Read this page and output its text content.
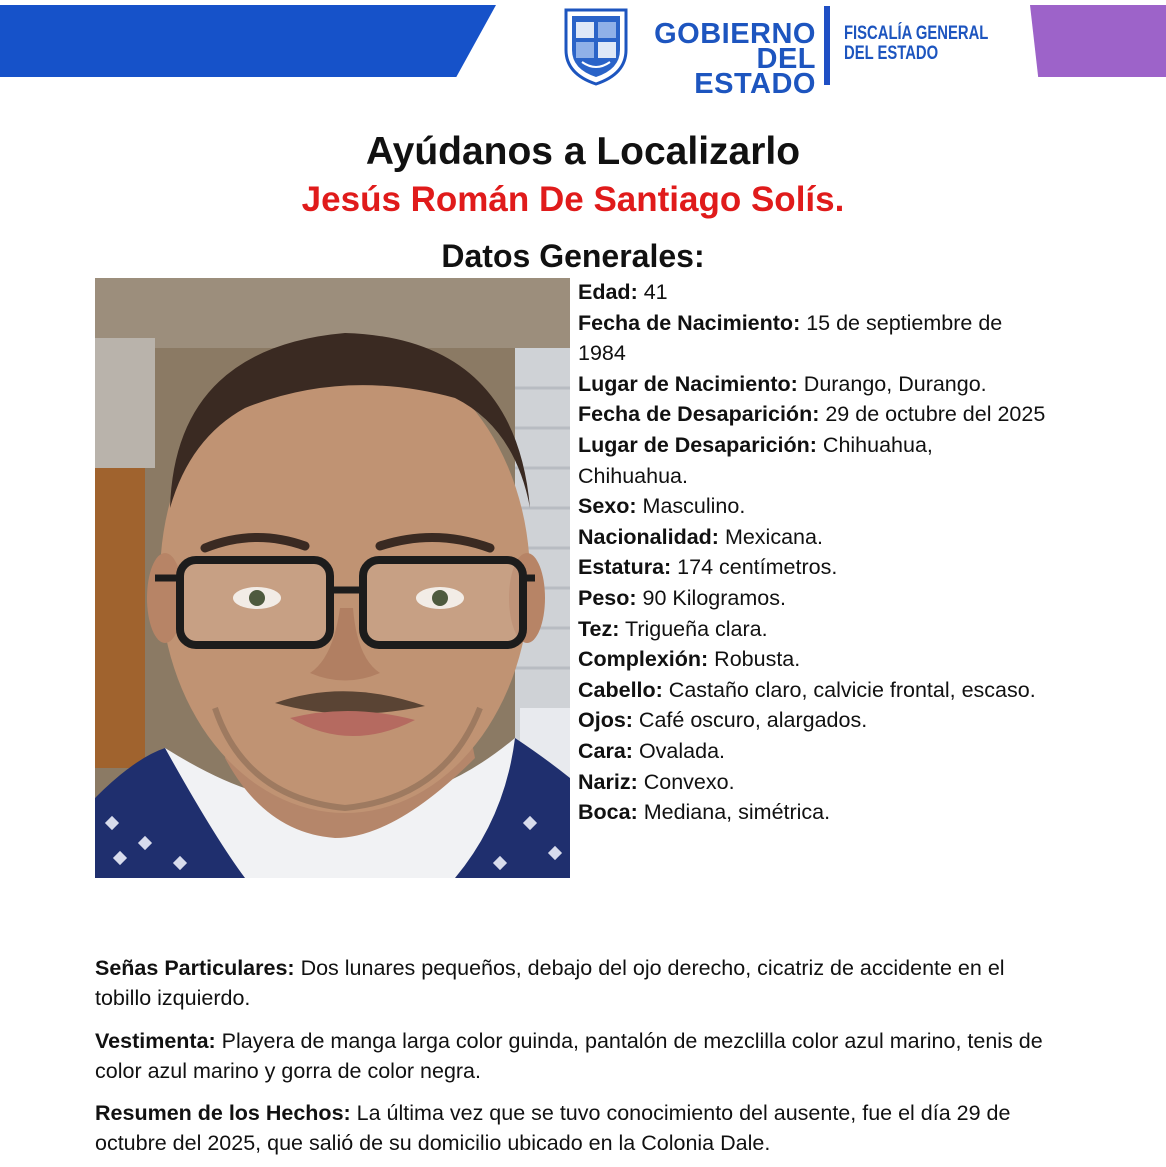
GOBIERNO
DEL ESTADO
FISCALÍA GENERAL
DEL ESTADO
Ayúdanos a Localizarlo
Jesús Román De Santiago Solís.
Datos Generales:
Edad: 41
Fecha de Nacimiento: 15 de septiembre de 1984
Lugar de Nacimiento: Durango, Durango.
Fecha de Desaparición: 29 de octubre del 2025
Lugar de Desaparición: Chihuahua, Chihuahua.
Sexo: Masculino.
Nacionalidad: Mexicana.
Estatura: 174 centímetros.
Peso: 90 Kilogramos.
Tez: Trigueña clara.
Complexión: Robusta.
Cabello: Castaño claro, calvicie frontal, escaso.
Ojos: Café oscuro, alargados.
Cara: Ovalada.
Nariz: Convexo.
Boca: Mediana, simétrica.
Señas Particulares: Dos lunares pequeños, debajo del ojo derecho, cicatriz de accidente en el tobillo izquierdo.
Vestimenta: Playera de manga larga color guinda, pantalón de mezclilla color azul marino, tenis de color azul marino y gorra de color negra.
Resumen de los Hechos: La última vez que se tuvo conocimiento del ausente, fue el día 29 de octubre del 2025, que salió de su domicilio ubicado en la Colonia Dale.
